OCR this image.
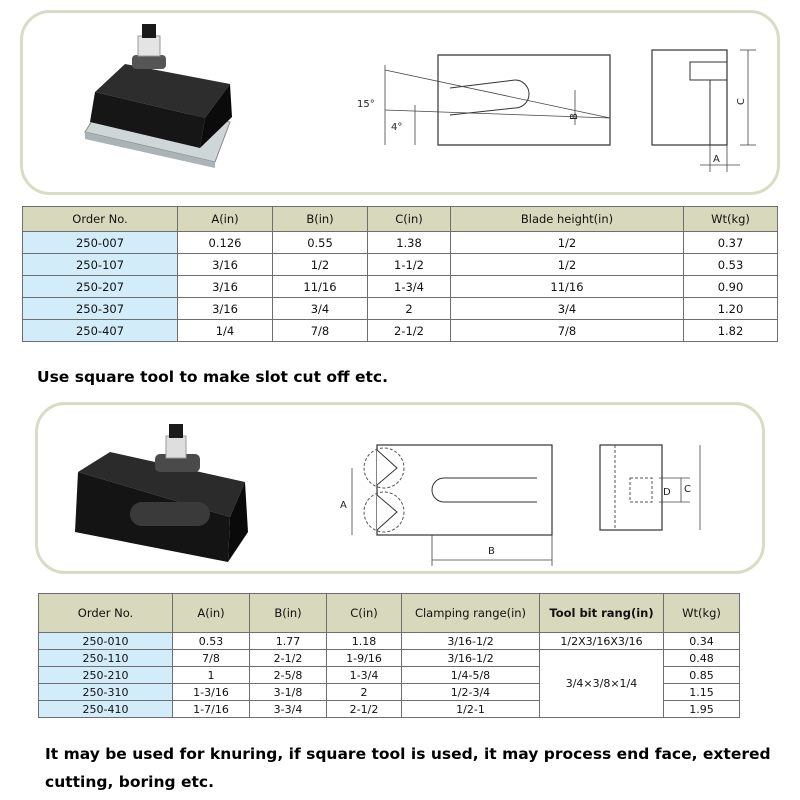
15°
4°
B
C
A
Order No.	A(in)	B(in)	C(in)	Blade height(in)	Wt(kg)
250-007	0.126	0.55	1.38	1/2	0.37
250-107	3/16	1/2	1-1/2	1/2	0.53
250-207	3/16	11/16	1-3/4	11/16	0.90
250-307	3/16	3/4	2	3/4	1.20
250-407	1/4	7/8	2-1/2	7/8	1.82
Use square tool to make slot cut off etc.
A
B
D C
Order No.	A(in)	B(in)	C(in)	Clamping range(in)	Tool bit rang(in)	Wt(kg)
250-010	0.53	1.77	1.18	3/16-1/2	1/2X3/16X3/16	0.34
250-110	7/8	2-1/2	1-9/16	3/16-1/2	3/4×3/8×1/4	0.48
250-210	1	2-5/8	1-3/4	1/4-5/8		0.85
250-310	1-3/16	3-1/8	2	1/2-3/4		1.15
250-410	1-7/16	3-3/4	2-1/2	1/2-1		1.95
It may be used for knuring, if square tool is used, it may process end face, extered cutting, boring etc.
